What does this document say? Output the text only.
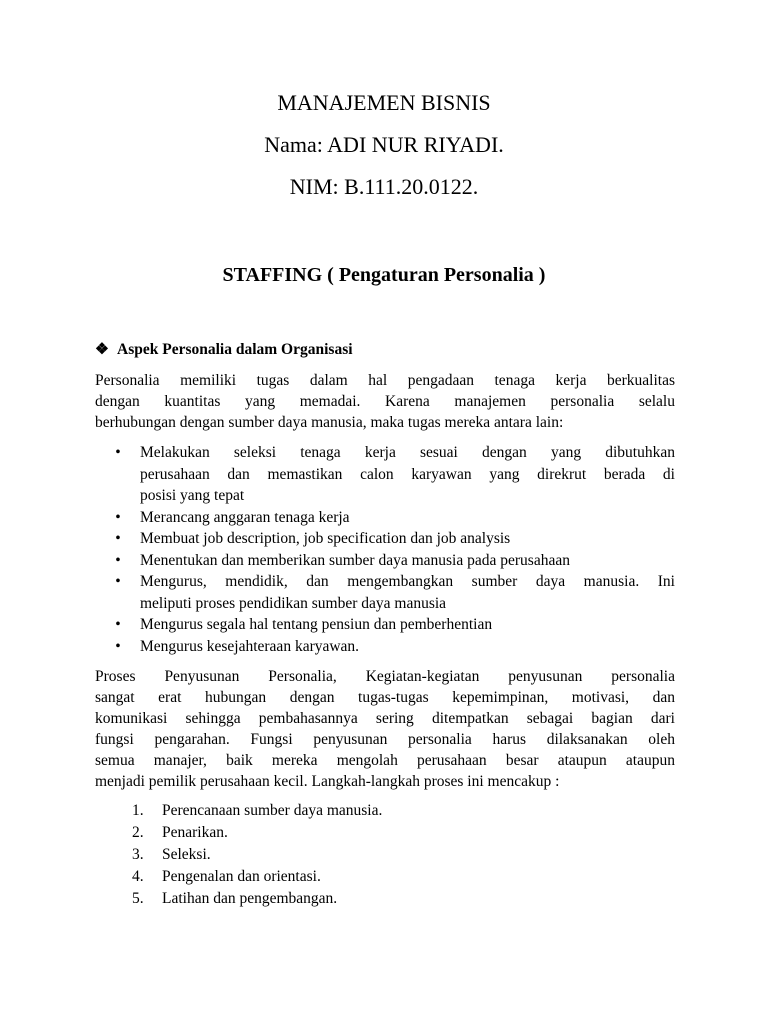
MANAJEMEN BISNIS
Nama: ADI NUR RIYADI.
NIM: B.111.20.0122.
STAFFING ( Pengaturan Personalia )
❖ Aspek Personalia dalam Organisasi
Personalia memiliki tugas dalam hal pengadaan tenaga kerja berkualitas
dengan kuantitas yang memadai. Karena manajemen personalia selalu
berhubungan dengan sumber daya manusia, maka tugas mereka antara lain:
• Melakukan seleksi tenaga kerja sesuai dengan yang dibutuhkan
perusahaan dan memastikan calon karyawan yang direkrut berada di
posisi yang tepat
• Merancang anggaran tenaga kerja
• Membuat job description, job specification dan job analysis
• Menentukan dan memberikan sumber daya manusia pada perusahaan
• Mengurus, mendidik, dan mengembangkan sumber daya manusia. Ini
meliputi proses pendidikan sumber daya manusia
• Mengurus segala hal tentang pensiun dan pemberhentian
• Mengurus kesejahteraan karyawan.
Proses Penyusunan Personalia, Kegiatan-kegiatan penyusunan personalia
sangat erat hubungan dengan tugas-tugas kepemimpinan, motivasi, dan
komunikasi sehingga pembahasannya sering ditempatkan sebagai bagian dari
fungsi pengarahan. Fungsi penyusunan personalia harus dilaksanakan oleh
semua manajer, baik mereka mengolah perusahaan besar ataupun ataupun
menjadi pemilik perusahaan kecil. Langkah-langkah proses ini mencakup :
1. Perencanaan sumber daya manusia.
2. Penarikan.
3. Seleksi.
4. Pengenalan dan orientasi.
5. Latihan dan pengembangan.
